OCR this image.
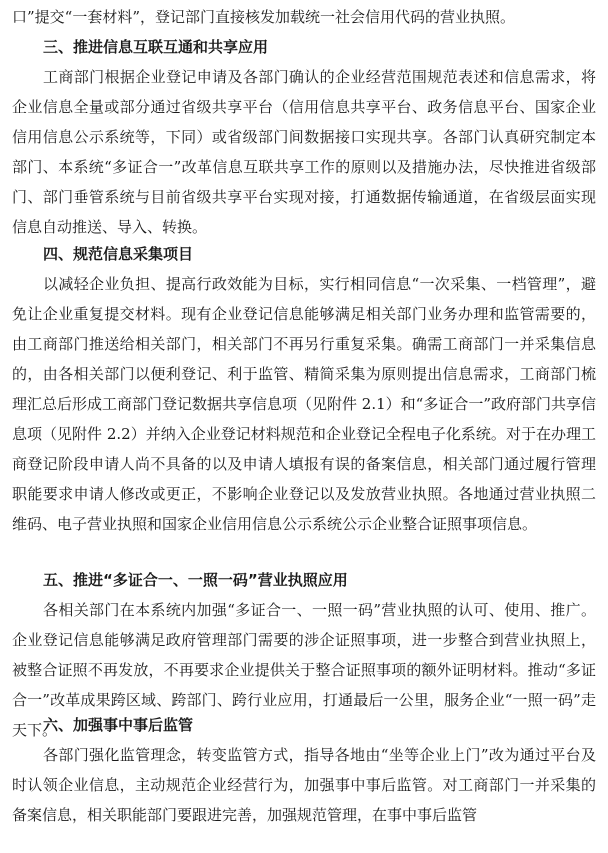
口”提交“一套材料”，登记部门直接核发加载统一社会信用代码的营业执照。

三、推进信息互联互通和共享应用

工商部门根据企业登记申请及各部门确认的企业经营范围规范表述和信息需求，将企业信息全量或部分通过省级共享平台（信用信息共享平台、政务信息平台、国家企业信用信息公示系统等，下同）或省级部门间数据接口实现共享。各部门认真研究制定本部门、本系统“多证合一”改革信息互联共享工作的原则以及措施办法，尽快推进省级部门、部门垂管系统与目前省级共享平台实现对接，打通数据传输通道，在省级层面实现信息自动推送、导入、转换。

四、规范信息采集项目

以减轻企业负担、提高行政效能为目标，实行相同信息“一次采集、一档管理”，避免让企业重复提交材料。现有企业登记信息能够满足相关部门业务办理和监管需要的，由工商部门推送给相关部门，相关部门不再另行重复采集。确需工商部门一并采集信息的，由各相关部门以便利登记、利于监管、精简采集为原则提出信息需求，工商部门梳理汇总后形成工商部门登记数据共享信息项（见附件 2.1）和“多证合一”政府部门共享信息项（见附件 2.2）并纳入企业登记材料规范和企业登记全程电子化系统。对于在办理工商登记阶段申请人尚不具备的以及申请人填报有误的备案信息，相关部门通过履行管理职能要求申请人修改或更正，不影响企业登记以及发放营业执照。各地通过营业执照二维码、电子营业执照和国家企业信用信息公示系统公示企业整合证照事项信息。

五、推进“多证合一、一照一码”营业执照应用

各相关部门在本系统内加强“多证合一、一照一码”营业执照的认可、使用、推广。企业登记信息能够满足政府管理部门需要的涉企证照事项，进一步整合到营业执照上，被整合证照不再发放，不再要求企业提供关于整合证照事项的额外证明材料。推动“多证合一”改革成果跨区域、跨部门、跨行业应用，打通最后一公里，服务企业“一照一码”走天下。

六、加强事中事后监管

各部门强化监管理念，转变监管方式，指导各地由“坐等企业上门”改为通过平台及时认领企业信息，主动规范企业经营行为，加强事中事后监管。对工商部门一并采集的备案信息，相关职能部门要跟进完善，加强规范管理，在事中事后监管
